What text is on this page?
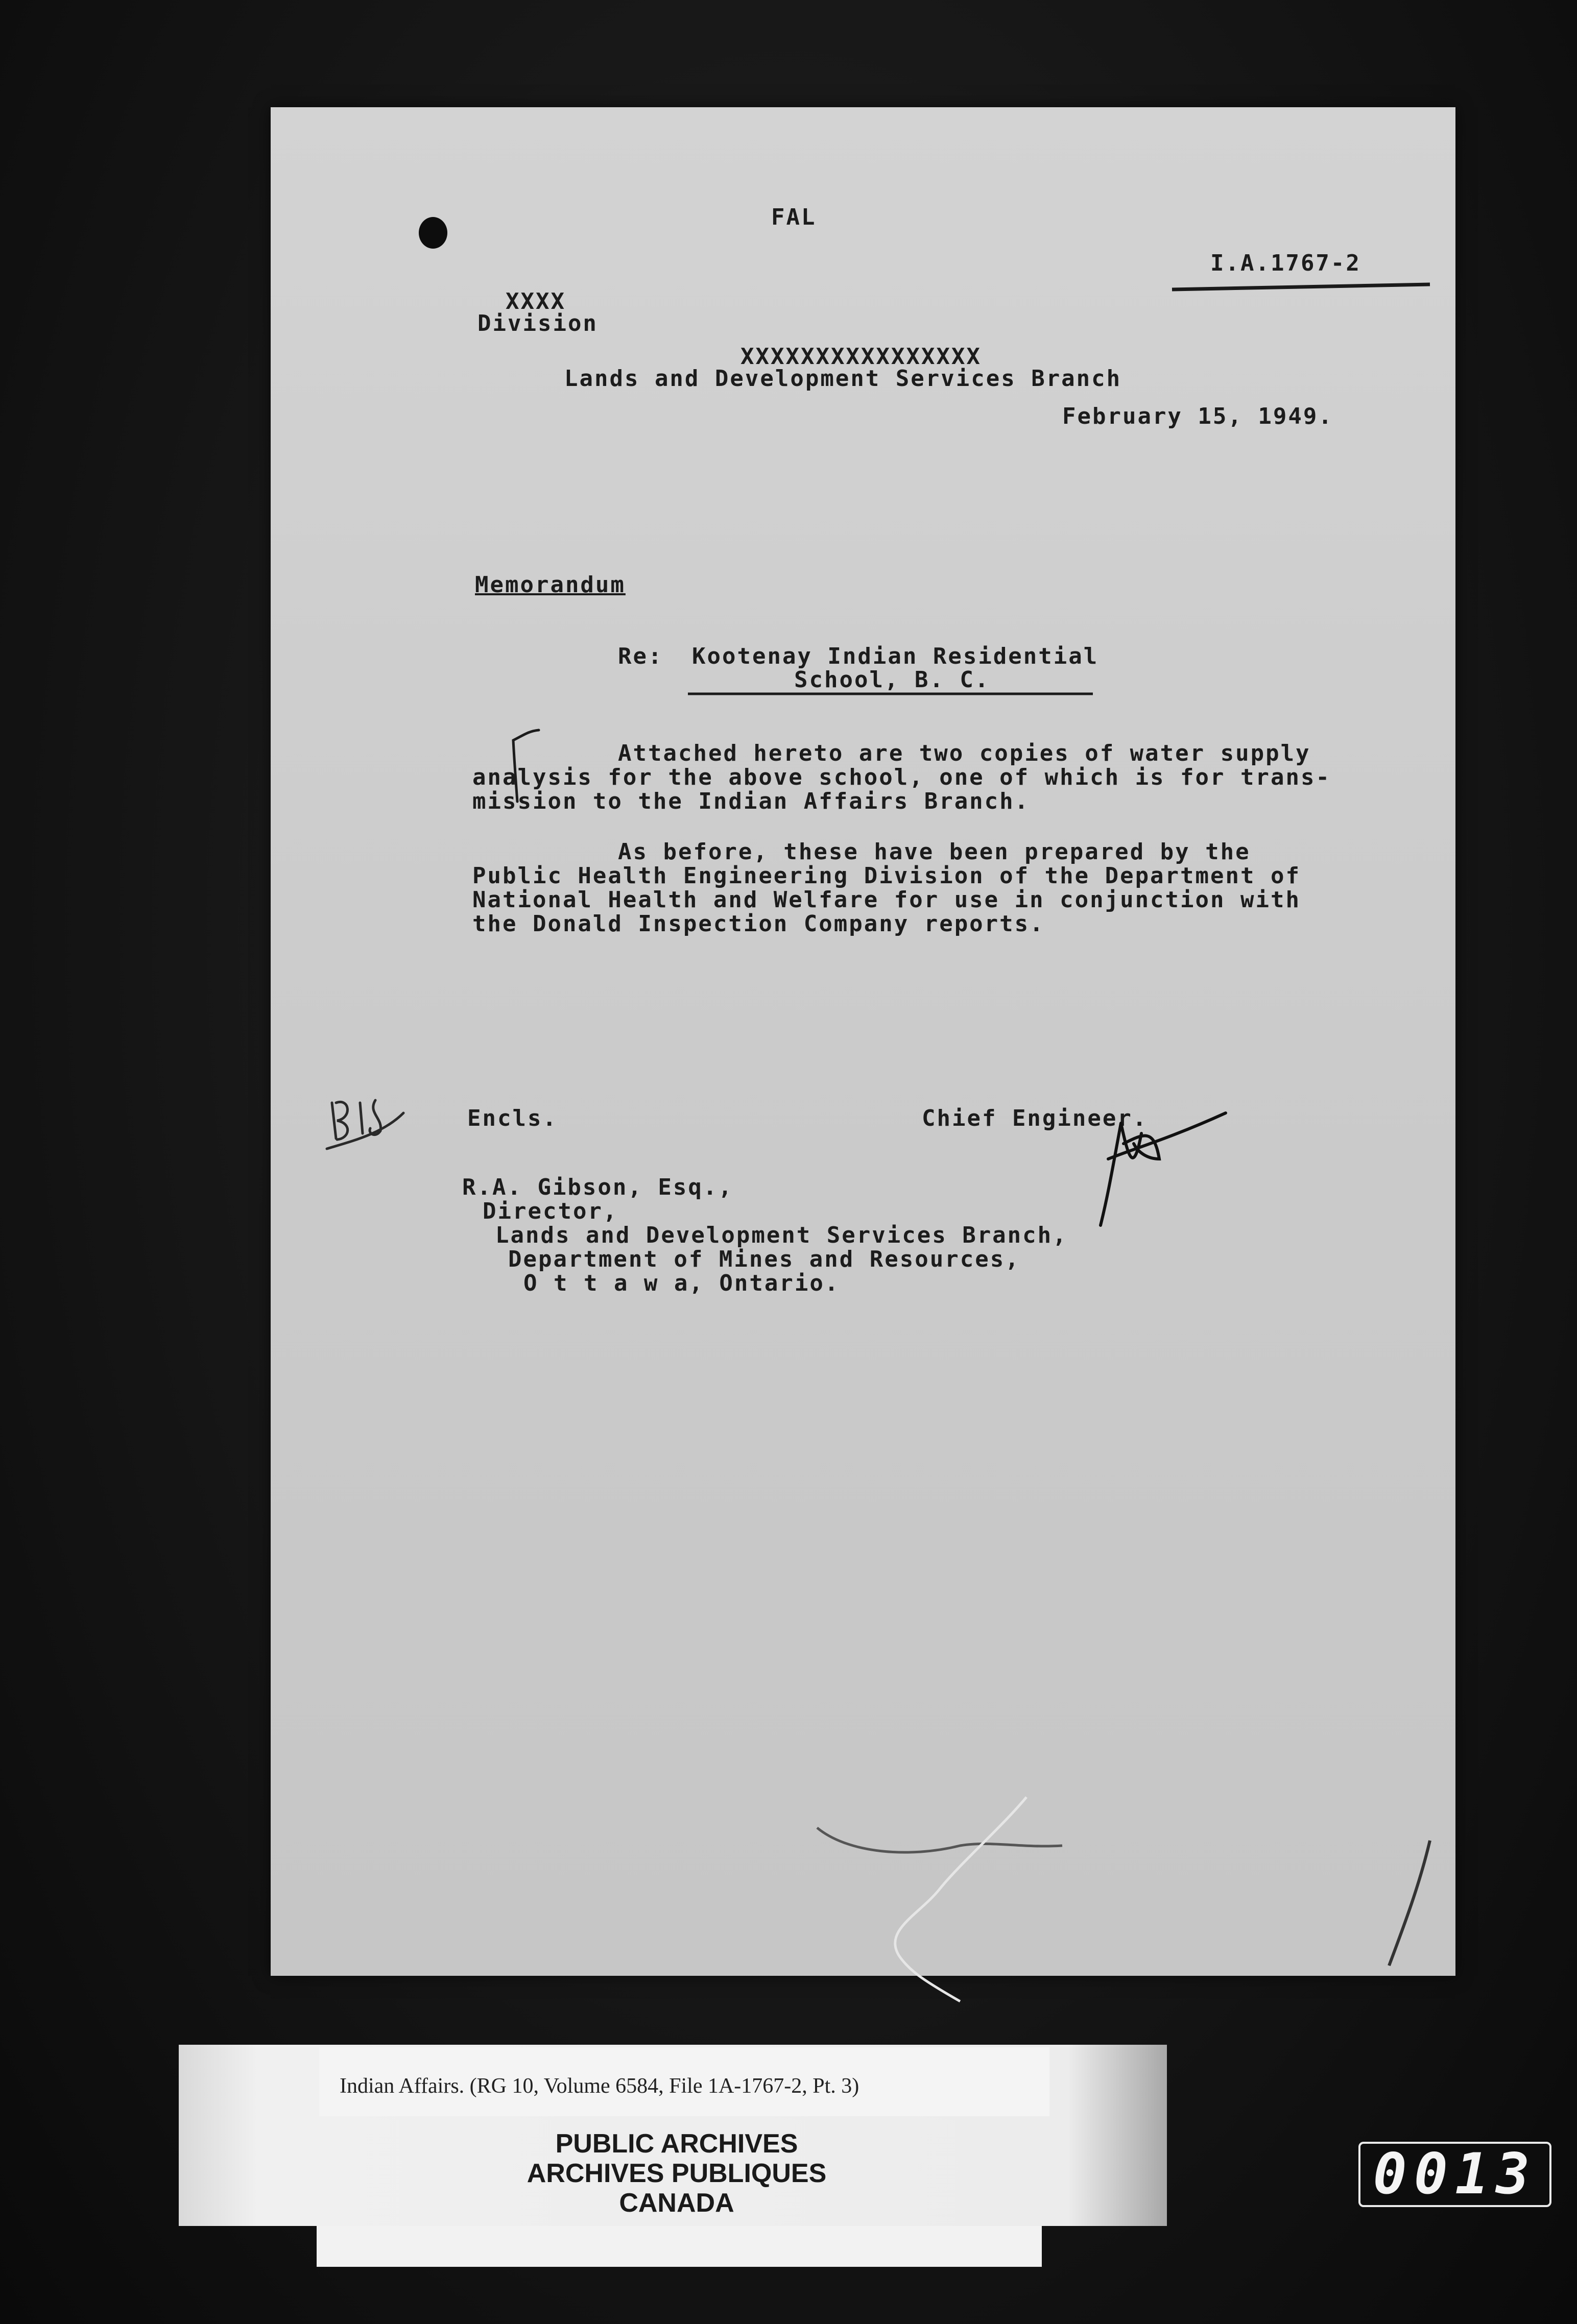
FAL
I.A.1767-2
XXXX
Division
XXXXXXXXXXXXXXXX
Lands and Development Services Branch
February 15, 1949.
Memorandum
Re: Kootenay Indian Residential
School, B. C.
Attached hereto are two copies of water supply
analysis for the above school, one of which is for trans-
mission to the Indian Affairs Branch.
As before, these have been prepared by the
Public Health Engineering Division of the Department of
National Health and Welfare for use in conjunction with
the Donald Inspection Company reports.
Encls.	Chief Engineer.
R.A. Gibson, Esq.,
Director,
Lands and Development Services Branch,
Department of Mines and Resources,
O t t a w a, Ontario.
Indian Affairs. (RG 10, Volume 6584, File 1A-1767-2, Pt. 3)
PUBLIC ARCHIVES
ARCHIVES PUBLIQUES
CANADA	0013
